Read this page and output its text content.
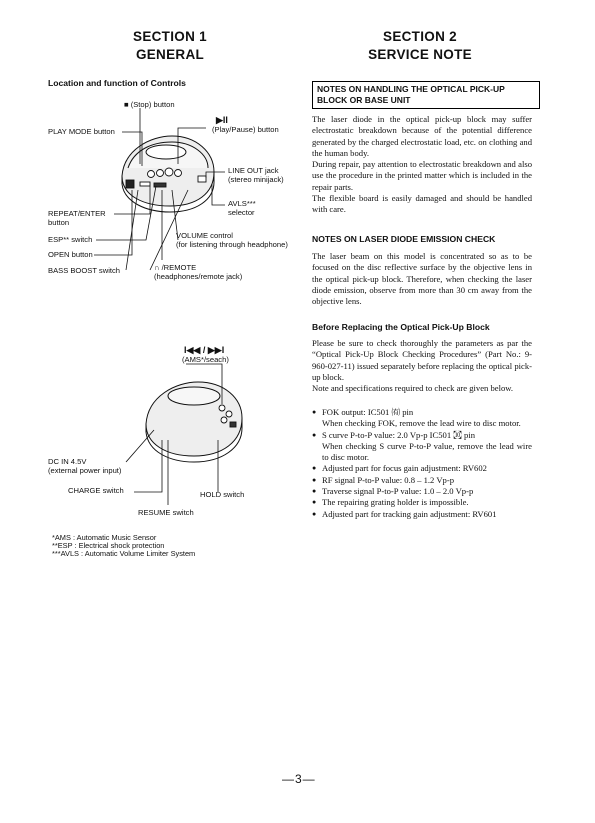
SECTION 1
GENERAL
Location and function of Controls
■ (Stop) button
PLAY MODE button
▶II
(Play/Pause) button
LINE OUT jack
(stereo minijack)
AVLS***
selector
REPEAT/ENTER
button
ESP** switch	VOLUME control
(for listening through headphone)
OPEN button
∩ /REMOTE
(headphones/remote jack)
BASS BOOST switch
I◀◀ / ▶▶I
(AMS*/seach)
DC IN 4.5V
(external power input)
CHARGE switch	HOLD switch
RESUME switch
*AMS : Automatic Music Sensor
**ESP : Electrical shock protection
***AVLS : Automatic Volume Limiter System
SECTION 2
SERVICE NOTE
NOTES ON HANDLING THE OPTICAL PICK-UP
BLOCK OR BASE UNIT

The laser diode in the optical pick-up block may suffer electrostatic breakdown because of the potential difference generated by the charged electrostatic load, etc. on clothing and the human body.

During repair, pay attention to electrostatic breakdown and also use the procedure in the printed matter which is included in the repair parts.

The flexible board is easily damaged and should be handled with care.

NOTES ON LASER DIODE EMISSION CHECK
The laser beam on this model is concentrated so as to be focused on the disc reflective surface by the objective lens in the optical pick-up block. Therefore, when checking the laser diode emission, observe from more than 30 cm away from the objective lens.
Before Replacing the Optical Pick-Up Block

Please be sure to check thoroughly the parameters as par the “Optical Pick-Up Block Checking Procedures” (Part No.: 9-960-027-11) issued separately before replacing the optical pick-up block.

Note and specifications required to check are given below.

● FOK output: IC501 ㈲ pin
When checking FOK, remove the lead wire to disc motor.
● S curve P-to-P value: 2.0 Vp-p IC501 ㉈ pin
When checking S curve P-to-P value, remove the lead wire to disc motor.
● Adjusted part for focus gain adjustment: RV602
● RF signal P-to-P value: 0.8 – 1.2 Vp-p
● Traverse signal P-to-P value: 1.0 – 2.0 Vp-p
● The repairing grating holder is impossible.
● Adjusted part for tracking gain adjustment: RV601
—3—
